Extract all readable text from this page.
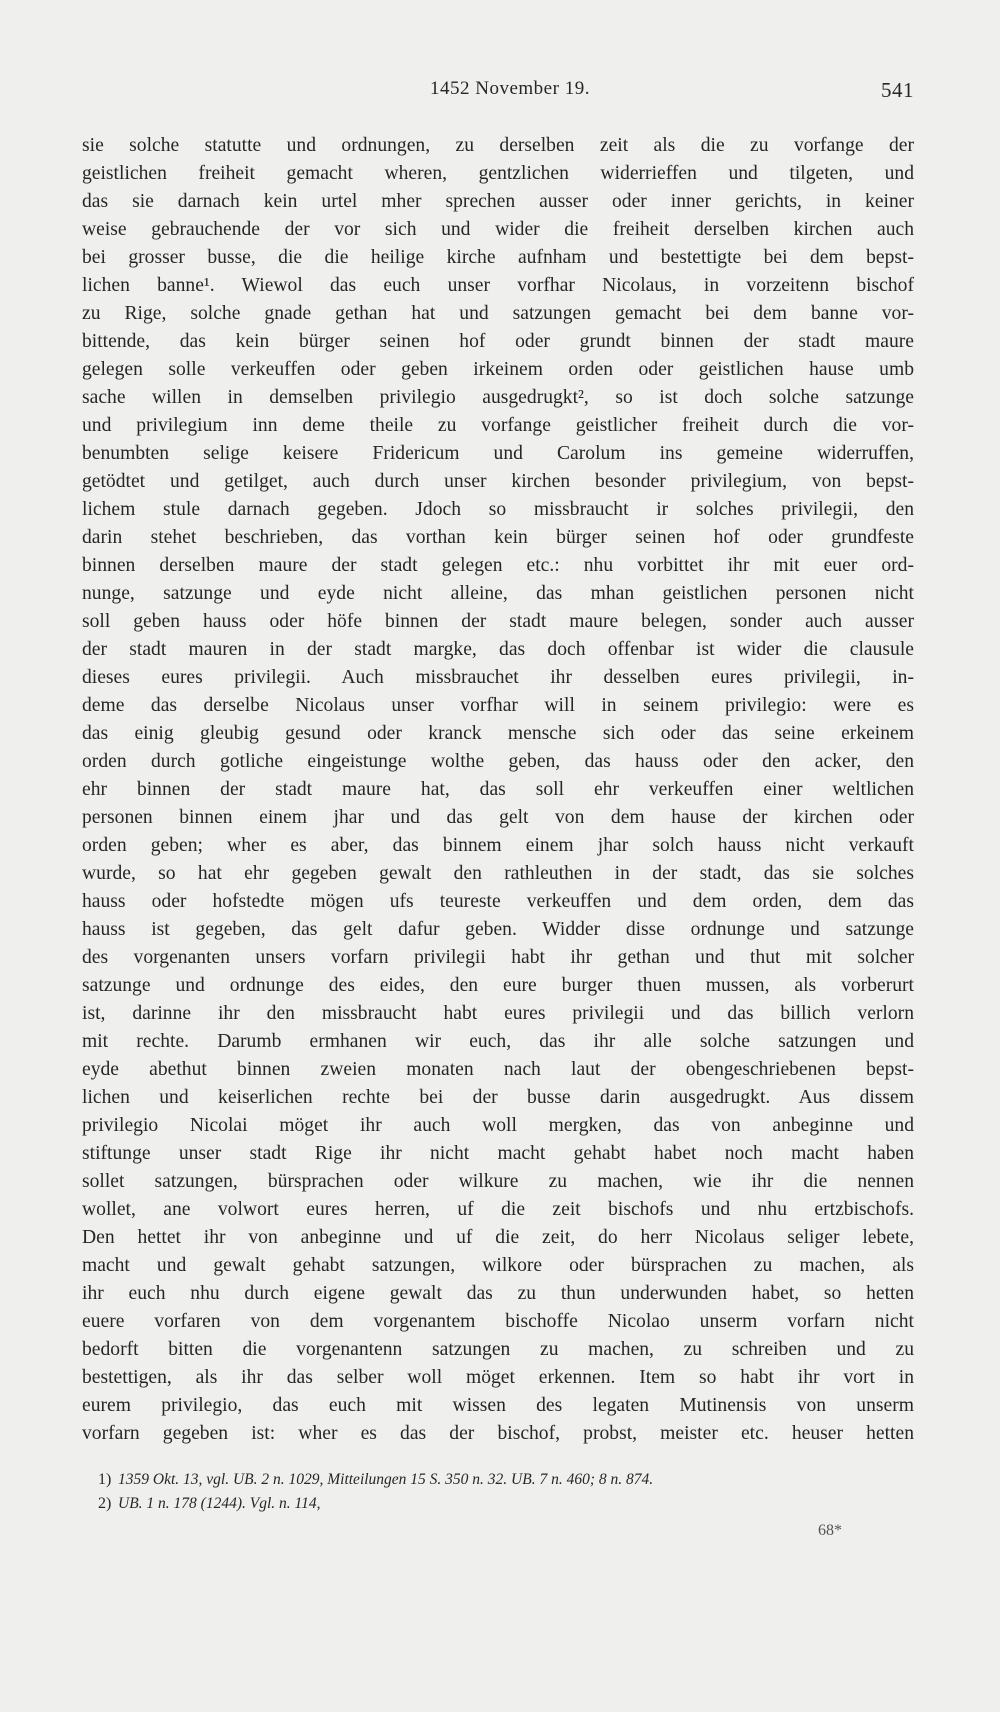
1452 November 19.	541
sie solche statutte und ordnungen, zu derselben zeit als die zu vorfange der
geistlichen freiheit gemacht wheren, gentzlichen widerrieffen und tilgeten, und
das sie darnach kein urtel mher sprechen ausser oder inner gerichts, in keiner
weise gebrauchende der vor sich und wider die freiheit derselben kirchen auch
bei grosser busse, die die heilige kirche aufnham und bestettigte bei dem bepst-
lichen banne¹. Wiewol das euch unser vorfhar Nicolaus, in vorzeitenn bischof
zu Rige, solche gnade gethan hat und satzungen gemacht bei dem banne vor-
bittende, das kein bürger seinen hof oder grundt binnen der stadt maure
gelegen solle verkeuffen oder geben irkeinem orden oder geistlichen hause umb
sache willen in demselben privilegio ausgedrugkt², so ist doch solche satzunge
und privilegium inn deme theile zu vorfange geistlicher freiheit durch die vor-
benumbten selige keisere Fridericum und Carolum ins gemeine widerruffen,
getödtet und getilget, auch durch unser kirchen besonder privilegium, von bepst-
lichem stule darnach gegeben. Jdoch so missbraucht ir solches privilegii, den
darin stehet beschrieben, das vorthan kein bürger seinen hof oder grundfeste
binnen derselben maure der stadt gelegen etc.: nhu vorbittet ihr mit euer ord-
nunge, satzunge und eyde nicht alleine, das mhan geistlichen personen nicht
soll geben hauss oder höfe binnen der stadt maure belegen, sonder auch ausser
der stadt mauren in der stadt margke, das doch offenbar ist wider die clausule
dieses eures privilegii. Auch missbrauchet ihr desselben eures privilegii, in-
deme das derselbe Nicolaus unser vorfhar will in seinem privilegio: were es
das einig gleubig gesund oder kranck mensche sich oder das seine erkeinem
orden durch gotliche eingeistunge wolthe geben, das hauss oder den acker, den
ehr binnen der stadt maure hat, das soll ehr verkeuffen einer weltlichen
personen binnen einem jhar und das gelt von dem hause der kirchen oder
orden geben; wher es aber, das binnem einem jhar solch hauss nicht verkauft
wurde, so hat ehr gegeben gewalt den rathleuthen in der stadt, das sie solches
hauss oder hofstedte mögen ufs teureste verkeuffen und dem orden, dem das
hauss ist gegeben, das gelt dafur geben. Widder disse ordnunge und satzunge
des vorgenanten unsers vorfarn privilegii habt ihr gethan und thut mit solcher
satzunge und ordnunge des eides, den eure burger thuen mussen, als vorberurt
ist, darinne ihr den missbraucht habt eures privilegii und das billich verlorn
mit rechte. Darumb ermhanen wir euch, das ihr alle solche satzungen und
eyde abethut binnen zweien monaten nach laut der obengeschriebenen bepst-
lichen und keiserlichen rechte bei der busse darin ausgedrugkt. Aus dissem
privilegio Nicolai möget ihr auch woll mergken, das von anbeginne und
stiftunge unser stadt Rige ihr nicht macht gehabt habet noch macht haben
sollet satzungen, bürsprachen oder wilkure zu machen, wie ihr die nennen
wollet, ane volwort eures herren, uf die zeit bischofs und nhu ertzbischofs.
Den hettet ihr von anbeginne und uf die zeit, do herr Nicolaus seliger lebete,
macht und gewalt gehabt satzungen, wilkore oder bürsprachen zu machen, als
ihr euch nhu durch eigene gewalt das zu thun underwunden habet, so hetten
euere vorfaren von dem vorgenantem bischoffe Nicolao unserm vorfarn nicht
bedorft bitten die vorgenantenn satzungen zu machen, zu schreiben und zu
bestettigen, als ihr das selber woll möget erkennen. Item so habt ihr vort in
eurem privilegio, das euch mit wissen des legaten Mutinensis von unserm
vorfarn gegeben ist: wher es das der bischof, probst, meister etc. heuser hetten
1) 1359 Okt. 13, vgl. UB. 2 n. 1029, Mitteilungen 15 S. 350 n. 32. UB. 7 n. 460; 8 n. 874.
2) UB. 1 n. 178 (1244). Vgl. n. 114,
68*
